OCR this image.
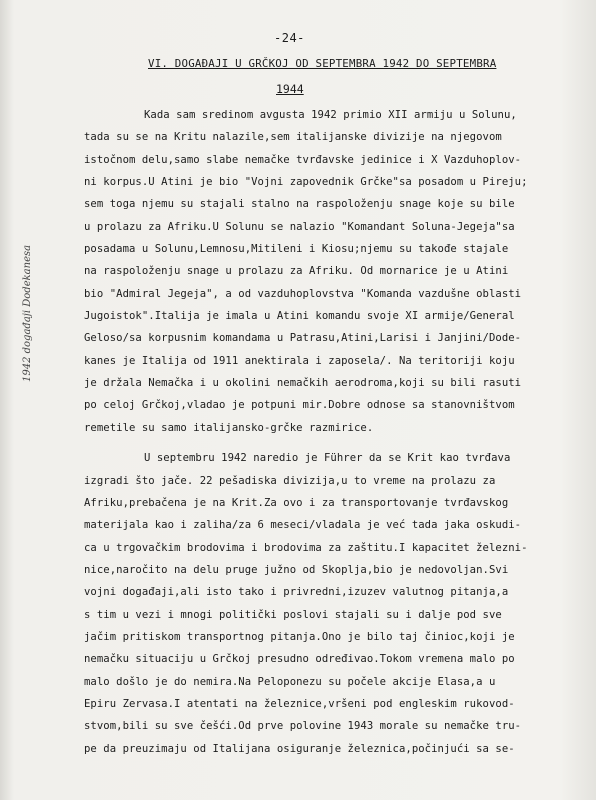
-24-
VI. DOGAĐAJI U GRČKOJ OD SEPTEMBRA 1942 DO SEPTEMBRA
1944
1942 događaji Dodekanesa
Kada sam sredinom avgusta 1942 primio XII armiju u Solunu,
tada su se na Kritu nalazile,sem italijanske divizije na njegovom
istočnom delu,samo slabe nemačke tvrđavske jedinice i X Vazduhoplov-
ni korpus.U Atini je bio "Vojni zapovednik Grčke"sa posadom u Pireju;
sem toga njemu su stajali stalno na raspoloženju snage koje su bile
u prolazu za Afriku.U Solunu se nalazio "Komandant Soluna-Jegeja"sa
posadama u Solunu,Lemnosu,Mitileni i Kiosu;njemu su takođe stajale
na raspoloženju snage u prolazu za Afriku. Od mornarice je u Atini
bio "Admiral Jegeja", a od vazduhoplovstva "Komanda vazdušne oblasti
Jugoistok".Italija je imala u Atini komandu svoje XI armije/General
Geloso/sa korpusnim komandama u Patrasu,Atini,Larisi i Janjini/Dode-
kanes je Italija od 1911 anektirala i zaposela/. Na teritoriji koju
je držala Nemačka i u okolini nemačkih aerodroma,koji su bili rasuti
po celoj Grčkoj,vladao je potpuni mir.Dobre odnose sa stanovništvom
remetile su samo italijansko-grčke razmirice.
U septembru 1942 naredio je Führer da se Krit kao tvrđava
izgradi što jače. 22 pešadiska divizija,u to vreme na prolazu za
Afriku,prebačena je na Krit.Za ovo i za transportovanje tvrđavskog
materijala kao i zaliha/za 6 meseci/vladala je već tada jaka oskudi-
ca u trgovačkim brodovima i brodovima za zaštitu.I kapacitet železni-
nice,naročito na delu pruge južno od Skoplja,bio je nedovoljan.Svi
vojni događaji,ali isto tako i privredni,izuzev valutnog pitanja,a
s tim u vezi i mnogi politički poslovi stajali su i dalje pod sve
jačim pritiskom transportnog pitanja.Ono je bilo taj činioc,koji je
nemačku situaciju u Grčkoj presudno određivao.Tokom vremena malo po
malo došlo je do nemira.Na Peloponezu su počele akcije Elasa,a u
Epiru Zervasa.I atentati na železnice,vršeni pod engleskim rukovod-
stvom,bili su sve češći.Od prve polovine 1943 morale su nemačke tru-
pe da preuzimaju od Italijana osiguranje železnica,počinjući sa se-
